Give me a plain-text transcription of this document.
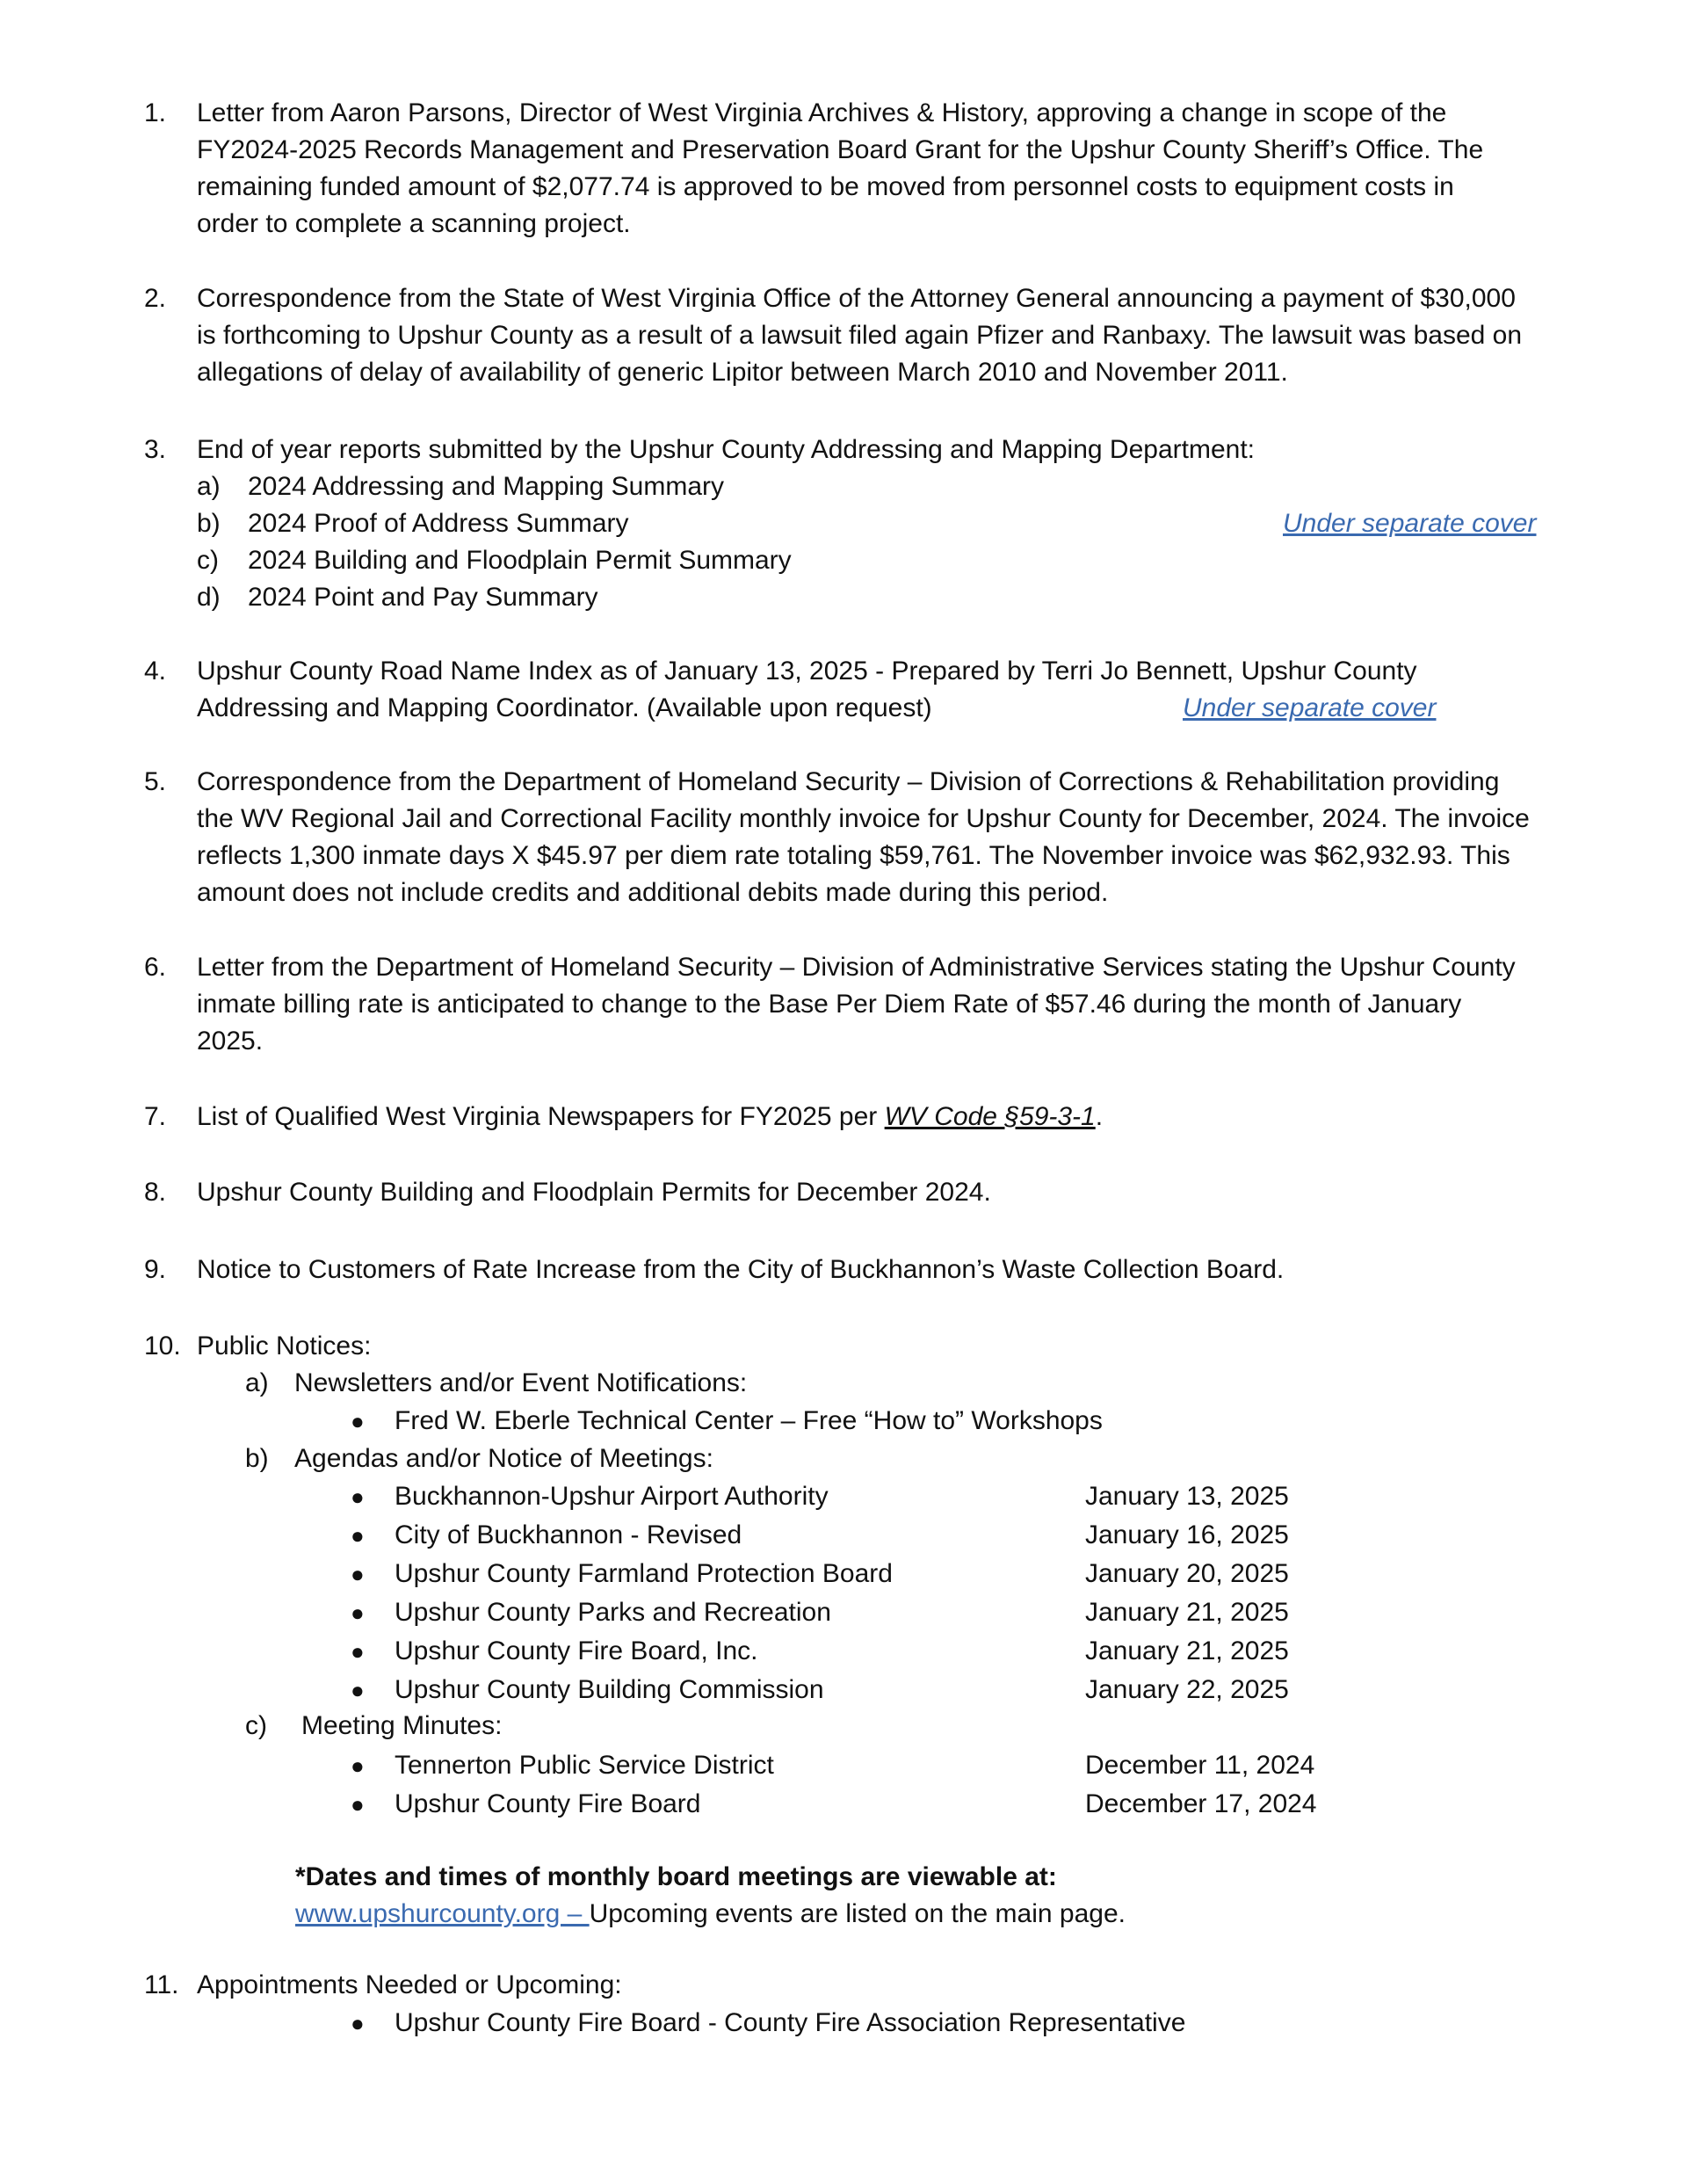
1.	Letter from Aaron Parsons, Director of West Virginia Archives & History, approving a change in scope of the
FY2024-2025 Records Management and Preservation Board Grant for the Upshur County Sheriff’s Office. The
remaining funded amount of $2,077.74 is approved to be moved from personnel costs to equipment costs in
order to complete a scanning project.
2.	Correspondence from the State of West Virginia Office of the Attorney General announcing a payment of $30,000
is forthcoming to Upshur County as a result of a lawsuit filed again Pfizer and Ranbaxy. The lawsuit was based on
allegations of delay of availability of generic Lipitor between March 2010 and November 2011.
3.	End of year reports submitted by the Upshur County Addressing and Mapping Department:
a) 2024 Addressing and Mapping Summary
b) 2024 Proof of Address Summary
c) 2024 Building and Floodplain Permit Summary
d) 2024 Point and Pay Summary
Under separate cover
4.	Upshur County Road Name Index as of January 13, 2025 - Prepared by Terri Jo Bennett, Upshur County
Addressing and Mapping Coordinator. (Available upon request)	Under separate cover
5.	Correspondence from the Department of Homeland Security – Division of Corrections & Rehabilitation providing
the WV Regional Jail and Correctional Facility monthly invoice for Upshur County for December, 2024. The invoice
reflects 1,300 inmate days X $45.97 per diem rate totaling $59,761. The November invoice was $62,932.93. This
amount does not include credits and additional debits made during this period.
6.	Letter from the Department of Homeland Security – Division of Administrative Services stating the Upshur County
inmate billing rate is anticipated to change to the Base Per Diem Rate of $57.46 during the month of January
2025.
7.	List of Qualified West Virginia Newspapers for FY2025 per WV Code §59-3-1.
8.	Upshur County Building and Floodplain Permits for December 2024.
9.	Notice to Customers of Rate Increase from the City of Buckhannon’s Waste Collection Board.
10. Public Notices:
a) Newsletters and/or Event Notifications:
● Fred W. Eberle Technical Center – Free “How to” Workshops
b) Agendas and/or Notice of Meetings:
● Buckhannon-Upshur Airport Authority	January 13, 2025
● City of Buckhannon - Revised	January 16, 2025
● Upshur County Farmland Protection Board	January 20, 2025
● Upshur County Parks and Recreation	January 21, 2025
● Upshur County Fire Board, Inc.	January 21, 2025
● Upshur County Building Commission	January 22, 2025
c) Meeting Minutes:
● Tennerton Public Service District	December 11, 2024
● Upshur County Fire Board	December 17, 2024
*Dates and times of monthly board meetings are viewable at:
www.upshurcounty.org – Upcoming events are listed on the main page.
11. Appointments Needed or Upcoming:
● Upshur County Fire Board - County Fire Association Representative
